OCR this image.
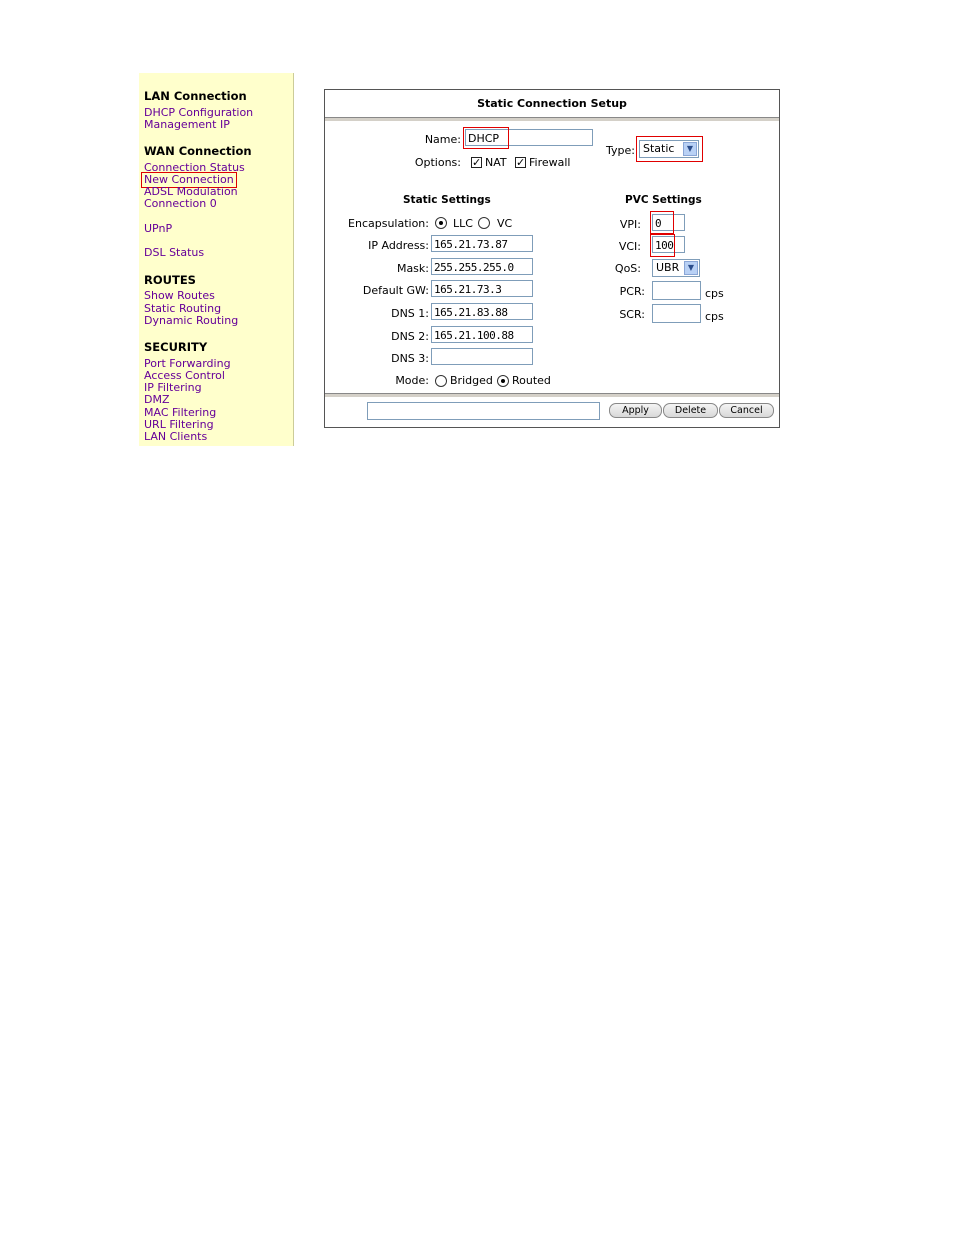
LAN Connection
DHCP Configuration
Management IP
WAN Connection
Connection Status
New Connection
ADSL Modulation
Connection 0
UPnP
DSL Status
ROUTES
Show Routes
Static Routing
Dynamic Routing
SECURITY
Port Forwarding
Access Control
IP Filtering
DMZ
MAC Filtering
URL Filtering
LAN Clients
Static Connection Setup
Name: DHCP
Options: ✓ NAT ✓ Firewall
Type: Static	▼
Static Settings	PVC Settings
Encapsulation: LLC VC
IP Address: 165.21.73.87
Mask: 255.255.255.0
Default GW: 165.21.73.3
DNS 1: 165.21.83.88
DNS 2: 165.21.100.88
DNS 3:
Mode: Bridged Routed
VPI: 0
VCI: 100
QoS:	UBR	▼
PCR:	cps
SCR:	cps
Apply	Delete	Cancel
